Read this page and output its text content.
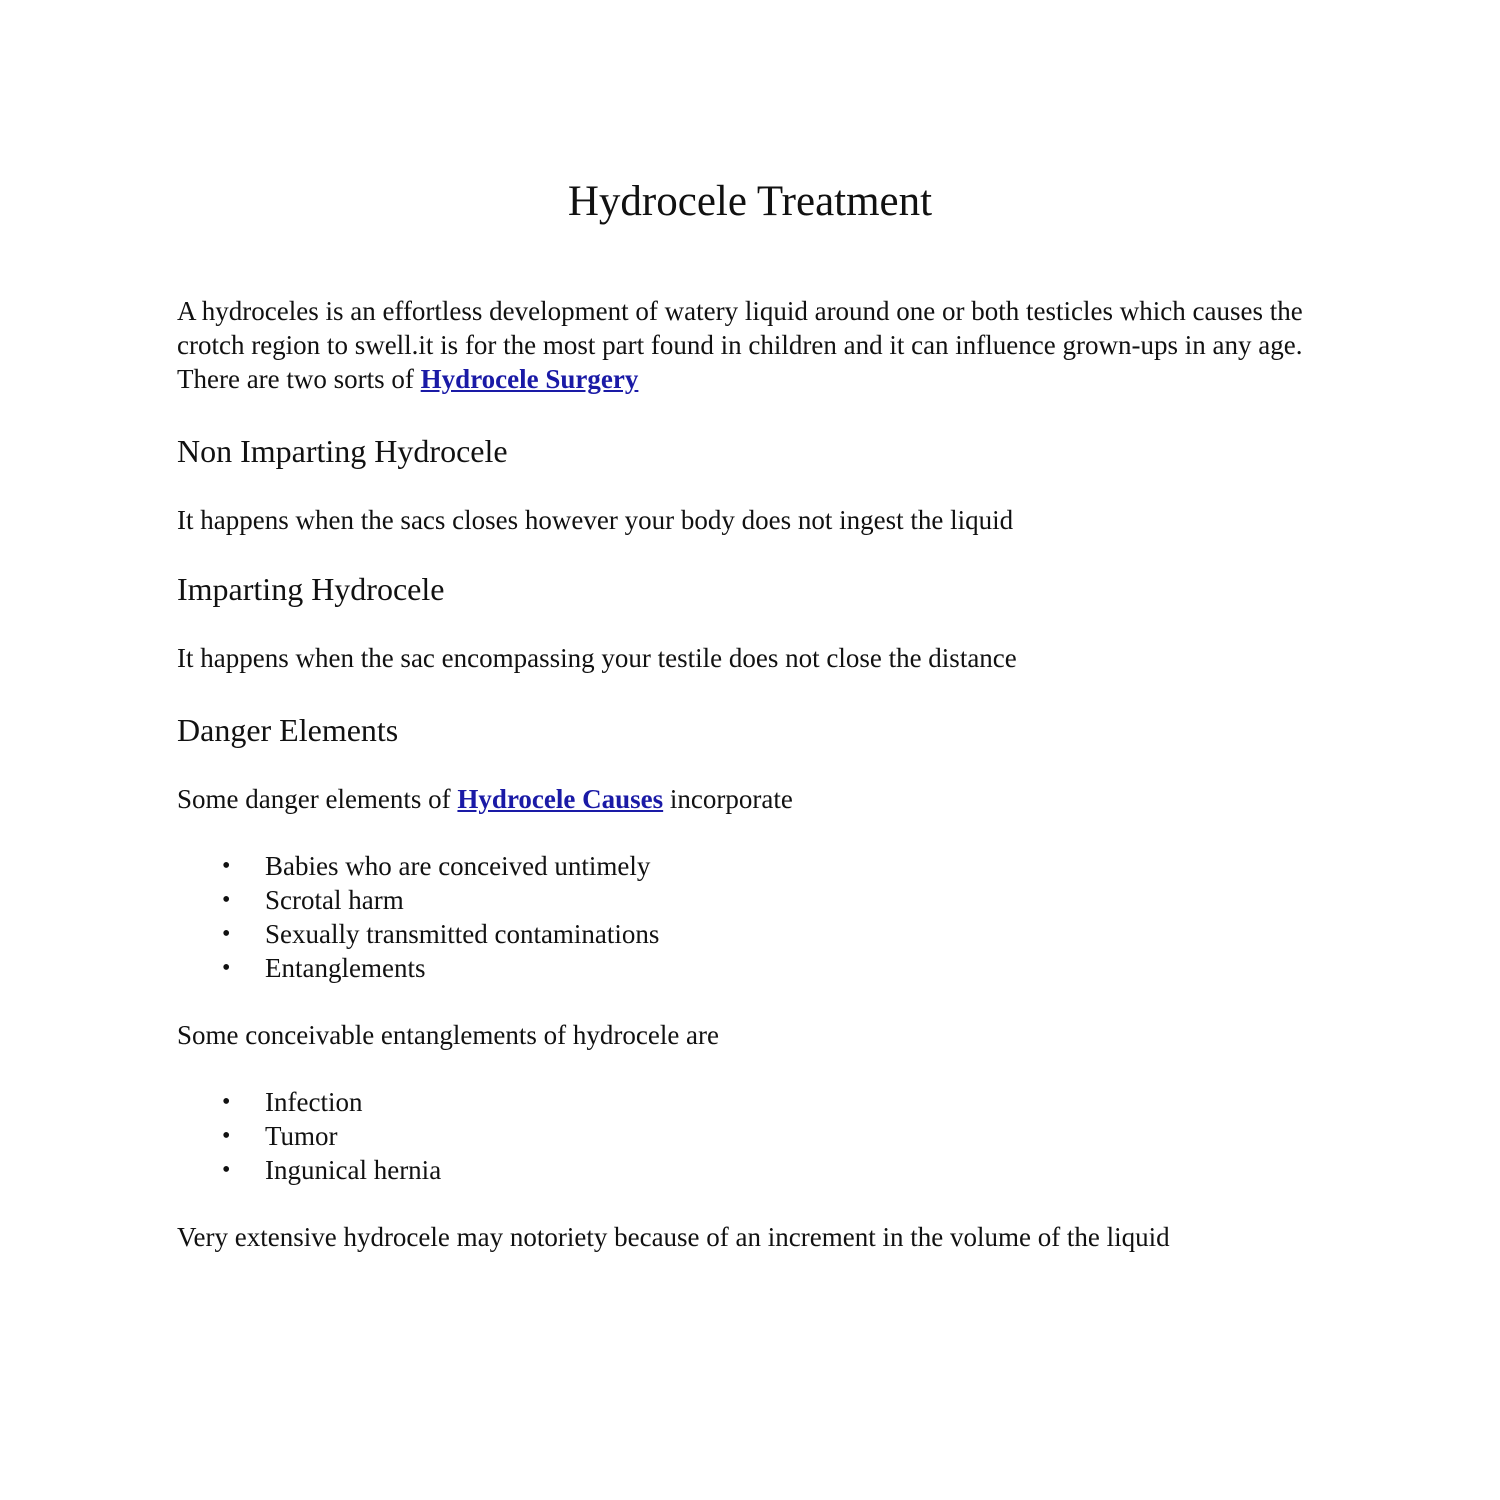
Hydrocele Treatment

A hydroceles is an effortless development of watery liquid around one or both testicles which causes the crotch region to swell.it is for the most part found in children and it can influence grown-ups in any age. There are two sorts of Hydrocele Surgery

Non Imparting Hydrocele

It happens when the sacs closes however your body does not ingest the liquid

Imparting Hydrocele

It happens when the sac encompassing your testile does not close the distance

Danger Elements

Some danger elements of Hydrocele Causes incorporate

• Babies who are conceived untimely
• Scrotal harm
• Sexually transmitted contaminations
• Entanglements

Some conceivable entanglements of hydrocele are

• Infection
• Tumor
• Ingunical hernia

Very extensive hydrocele may notoriety because of an increment in the volume of the liquid
